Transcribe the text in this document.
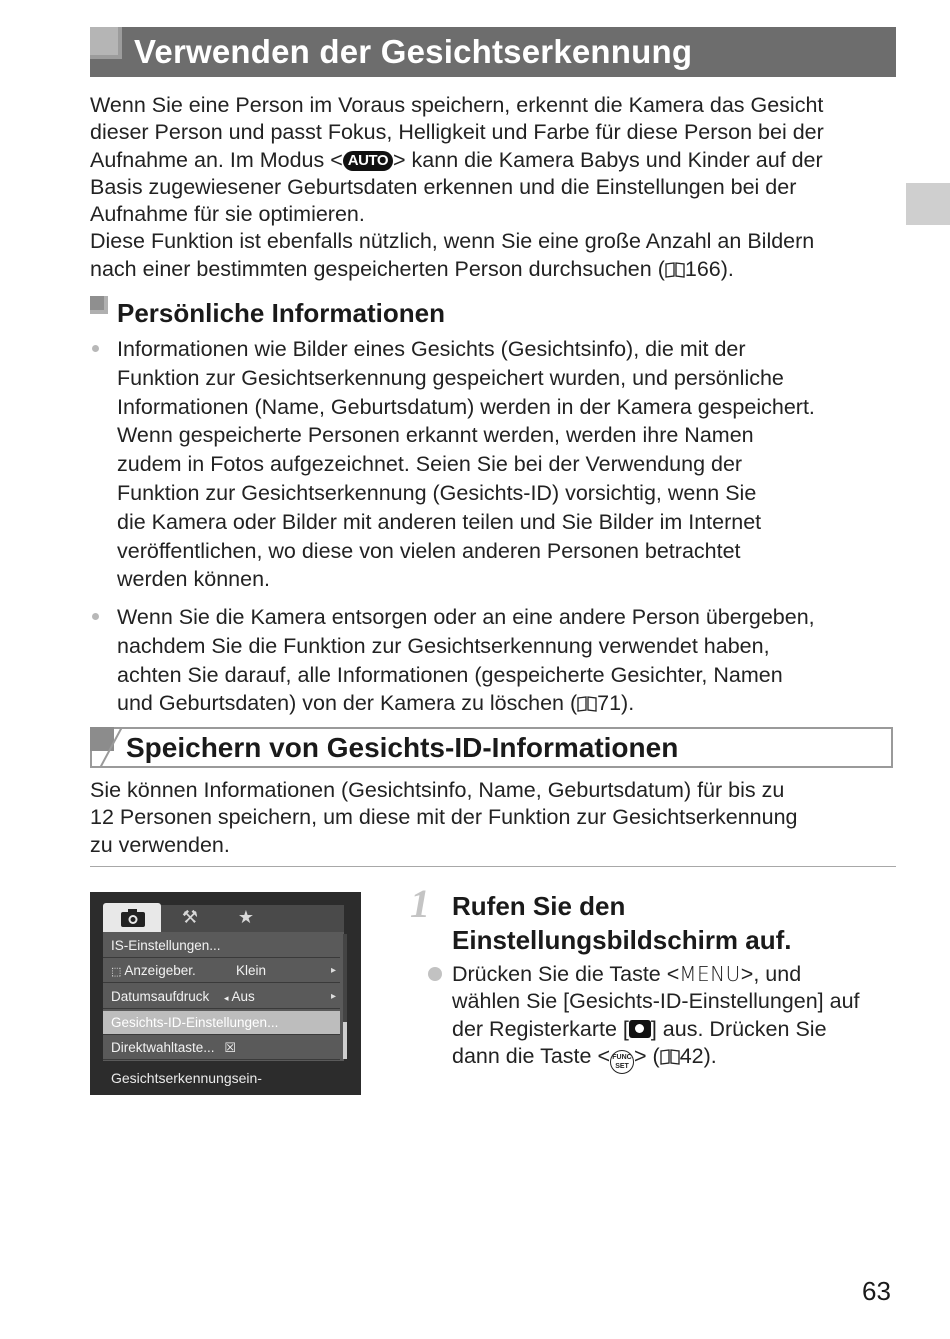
Verwenden der Gesichtserkennung
Wenn Sie eine Person im Voraus speichern, erkennt die Kamera das Gesicht
dieser Person und passt Fokus, Helligkeit und Farbe für diese Person bei der
Aufnahme an. Im Modus < AUTO > kann die Kamera Babys und Kinder auf der
Basis zugewiesener Geburtsdaten erkennen und die Einstellungen bei der
Aufnahme für sie optimieren.
Diese Funktion ist ebenfalls nützlich, wenn Sie eine große Anzahl an Bildern
nach einer bestimmten gespeicherten Person durchsuchen ( 166).
Persönliche Informationen
Informationen wie Bilder eines Gesichts (Gesichtsinfo), die mit der
Funktion zur Gesichtserkennung gespeichert wurden, und persönliche
Informationen (Name, Geburtsdatum) werden in der Kamera gespeichert.
Wenn gespeicherte Personen erkannt werden, werden ihre Namen
zudem in Fotos aufgezeichnet. Seien Sie bei der Verwendung der
Funktion zur Gesichtserkennung (Gesichts-ID) vorsichtig, wenn Sie
die Kamera oder Bilder mit anderen teilen und Sie Bilder im Internet
veröffentlichen, wo diese von vielen anderen Personen betrachtet
werden können.
Wenn Sie die Kamera entsorgen oder an eine andere Person übergeben,
nachdem Sie die Funktion zur Gesichtserkennung verwendet haben,
achten Sie darauf, alle Informationen (gespeicherte Gesichter, Namen
und Geburtsdaten) von der Kamera zu löschen ( 71).
Speichern von Gesichts-ID-Informationen
Sie können Informationen (Gesichtsinfo, Name, Geburtsdatum) für bis zu
12 Personen speichern, um diese mit der Funktion zur Gesichtserkennung
zu verwenden.
⚒	★
IS-Einstellungen...
⬚ Anzeigeber.	Klein	▸
Datumsaufdruck ◂ Aus	▸
Gesichts-ID-Einstellungen...
Direktwahltaste... ☒
Gesichtserkennungsein-
1 Rufen Sie den
Einstellungsbildschirm auf.
Drücken Sie die Taste <MENU>, und
wählen Sie [Gesichts-ID-Einstellungen] auf
der Registerkarte [ ] aus. Drücken Sie
dann die Taste < FUNC
SET > ( 42).
63
